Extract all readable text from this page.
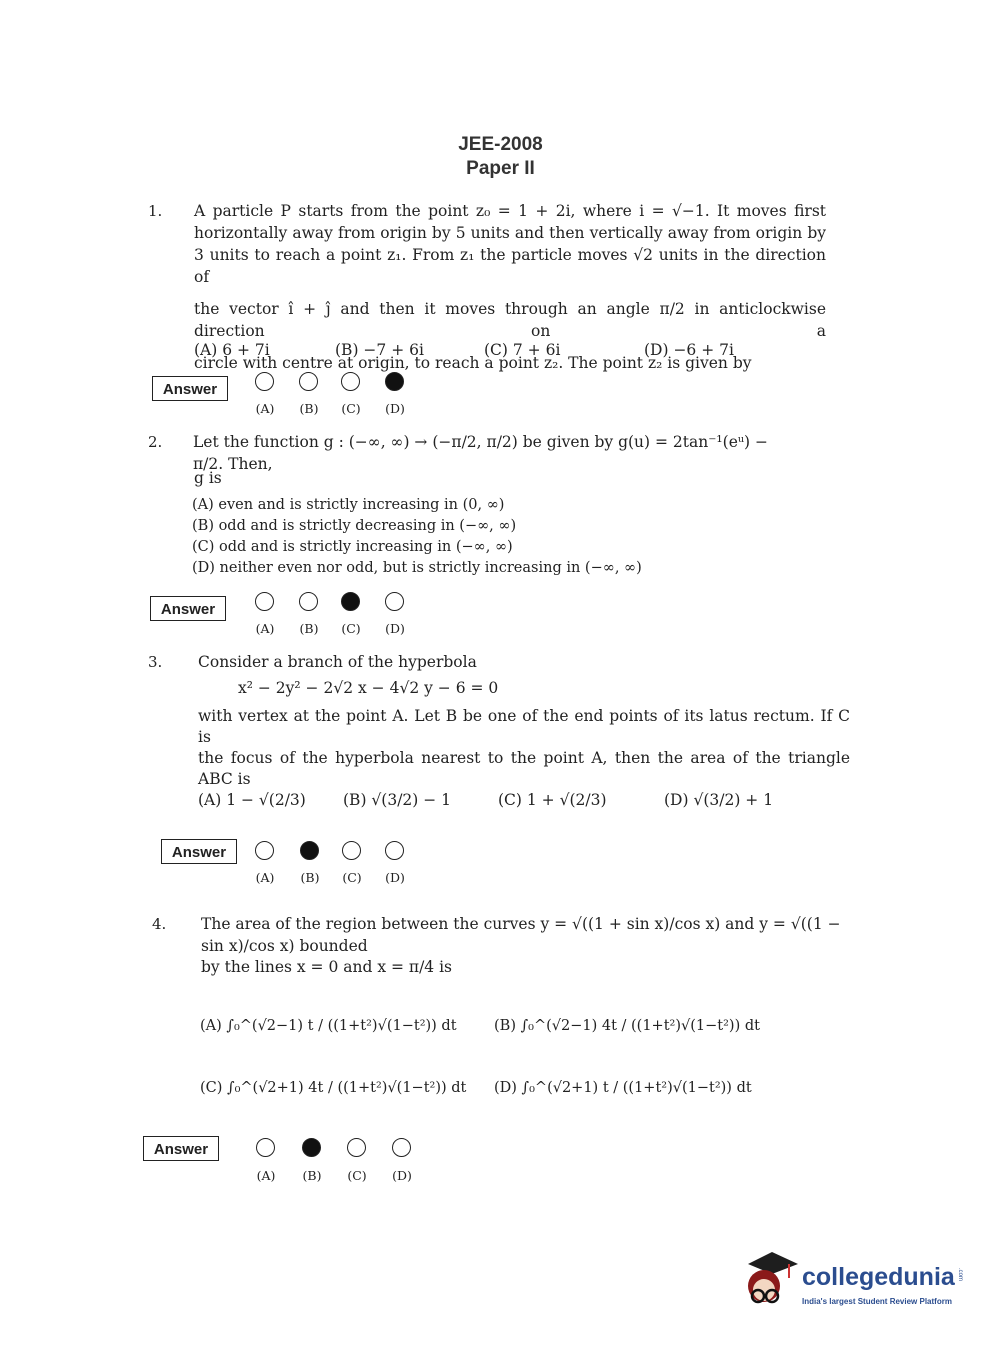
JEE-2008
Paper II
1. A particle P starts from the point z₀ = 1 + 2i, where i = √−1. It moves first
horizontally away from origin by 5 units and then vertically away from origin by
3 units to reach a point z₁. From z₁ the particle moves √2 units in the direction of
the vector î + ĵ and then it moves through an angle π/2 in anticlockwise direction on a
circle with centre at origin, to reach a point z₂. The point z₂ is given by
(A) 6 + 7i	(B) −7 + 6i	(C) 7 + 6i	(D) −6 + 7i
Answer
(A)	(B)	(C)	(D)
2. Let the function g : (−∞, ∞) → (−π/2, π/2) be given by g(u) = 2tan⁻¹(eᵘ) − π/2. Then,
g is
(A) even and is strictly increasing in (0, ∞)
(B) odd and is strictly decreasing in (−∞, ∞)
(C) odd and is strictly increasing in (−∞, ∞)
(D) neither even nor odd, but is strictly increasing in (−∞, ∞)
Answer
(A)	(B)	(C)	(D)
3. Consider a branch of the hyperbola
x² − 2y² − 2√2 x − 4√2 y − 6 = 0
with vertex at the point A. Let B be one of the end points of its latus rectum. If C is
the focus of the hyperbola nearest to the point A, then the area of the triangle
ABC is
(A) 1 − √(2/3) (B) √(3/2) − 1	(C) 1 + √(2/3)	(D) √(3/2) + 1
Answer
(A)	(B)	(C)	(D)
4. The area of the region between the curves y = √((1 + sin x)/cos x) and y = √((1 − sin x)/cos x) bounded
by the lines x = 0 and x = π/4 is
(A) ∫₀^(√2−1) t / ((1+t²)√(1−t²)) dt	(B) ∫₀^(√2−1) 4t / ((1+t²)√(1−t²)) dt
(C) ∫₀^(√2+1) 4t / ((1+t²)√(1−t²)) dt (D) ∫₀^(√2+1) t / ((1+t²)√(1−t²)) dt
Answer
(A)	(B)	(C)	(D)
collegedunia .com
India's largest Student Review Platform
